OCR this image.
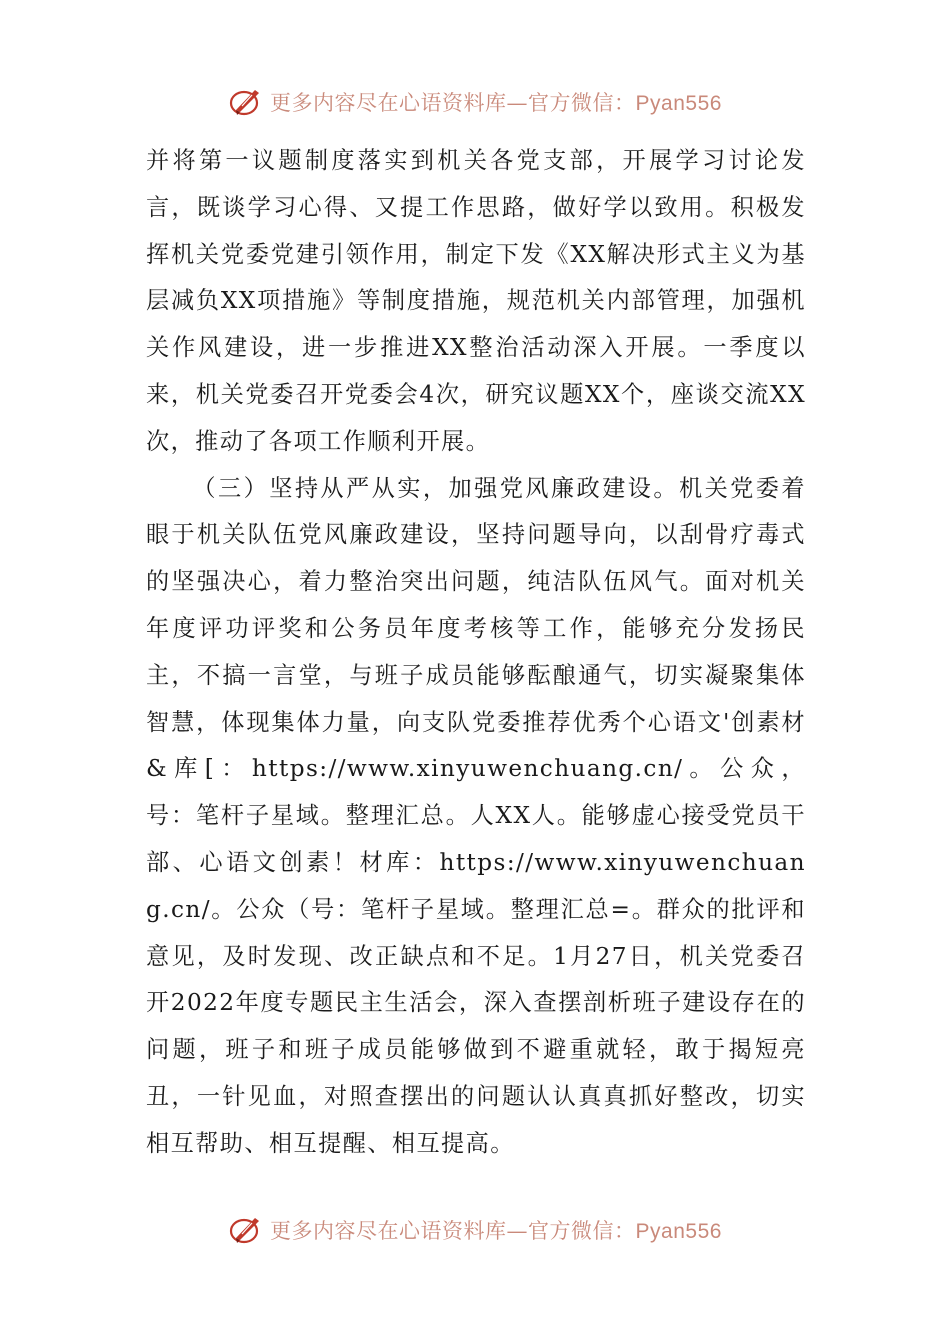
更多内容尽在心语资料库—官方微信：Pyan556

并将第一议题制度落实到机关各党支部，开展学习讨论发言，既谈学习心得、又提工作思路，做好学以致用。积极发挥机关党委党建引领作用，制定下发《XX解决形式主义为基层减负XX项措施》等制度措施，规范机关内部管理，加强机关作风建设，进一步推进XX整治活动深入开展。一季度以来，机关党委召开党委会4次，研究议题XX个，座谈交流XX次，推动了各项工作顺利开展。

（三）坚持从严从实，加强党风廉政建设。机关党委着眼于机关队伍党风廉政建设，坚持问题导向，以刮骨疗毒式的坚强决心，着力整治突出问题，纯洁队伍风气。面对机关年度评功评奖和公务员年度考核等工作，能够充分发扬民主，不搞一言堂，与班子成员能够酝酿通气，切实凝聚集体智慧，体现集体力量，向支队党委推荐优秀个心语文'创素材&库[：https://www.xinyuwenchuang.cn/。公众，号：笔杆子星域。整理汇总。人XX人。能够虚心接受党员干部、心语文创素！材库：https://www.xinyuwenchuang.cn/。公众（号：笔杆子星域。整理汇总=。群众的批评和意见，及时发现、改正缺点和不足。1月27日，机关党委召开2022年度专题民主生活会，深入查摆剖析班子建设存在的问题，班子和班子成员能够做到不避重就轻，敢于揭短亮丑，一针见血，对照查摆出的问题认认真真抓好整改，切实相互帮助、相互提醒、相互提高。

更多内容尽在心语资料库—官方微信：Pyan556
